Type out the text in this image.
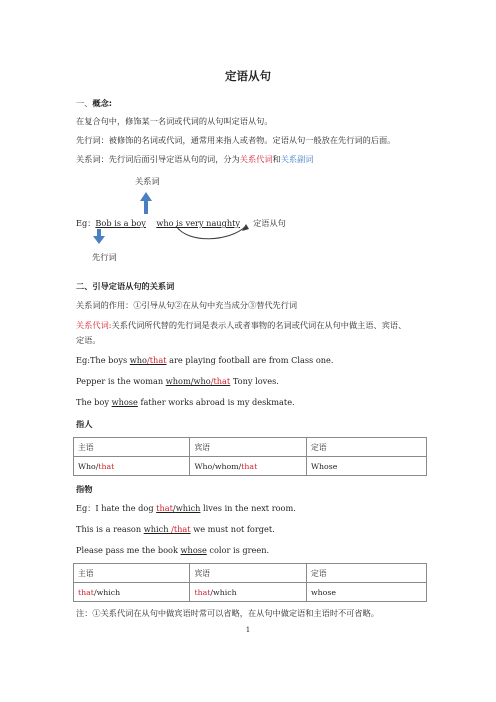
定语从句
一、概念:
在复合句中，修饰某一名词或代词的从句叫定语从句。
先行词：被修饰的名词或代词，通常用来指人或者物。定语从句一般放在先行词的后面。
关系词：先行词后面引导定语从句的词，分为关系代词和关系副词
关系词
Eg：Bob is a boy who is very naughty 定语从句
先行词
二、引导定语从句的关系词
关系词的作用：①引导从句②在从句中充当成分③替代先行词
关系代词:关系代词所代替的先行词是表示人或者事物的名词或代词在从句中做主语、宾语、
定语。
Eg:The boys who/that are playing football are from Class one.
Pepper is the woman whom/who/that Tony loves.
The boy whose father works abroad is my deskmate.
指人
主语	宾语	定语
Who/that	Who/whom/that	Whose
指物
Eg：I hate the dog that/which lives in the next room.
This is a reason which /that we must not forget.
Please pass me the book whose color is green.
主语	宾语	定语
that/which	that/which	whose
注：①关系代词在从句中做宾语时常可以省略，在从句中做定语和主语时不可省略。
1
